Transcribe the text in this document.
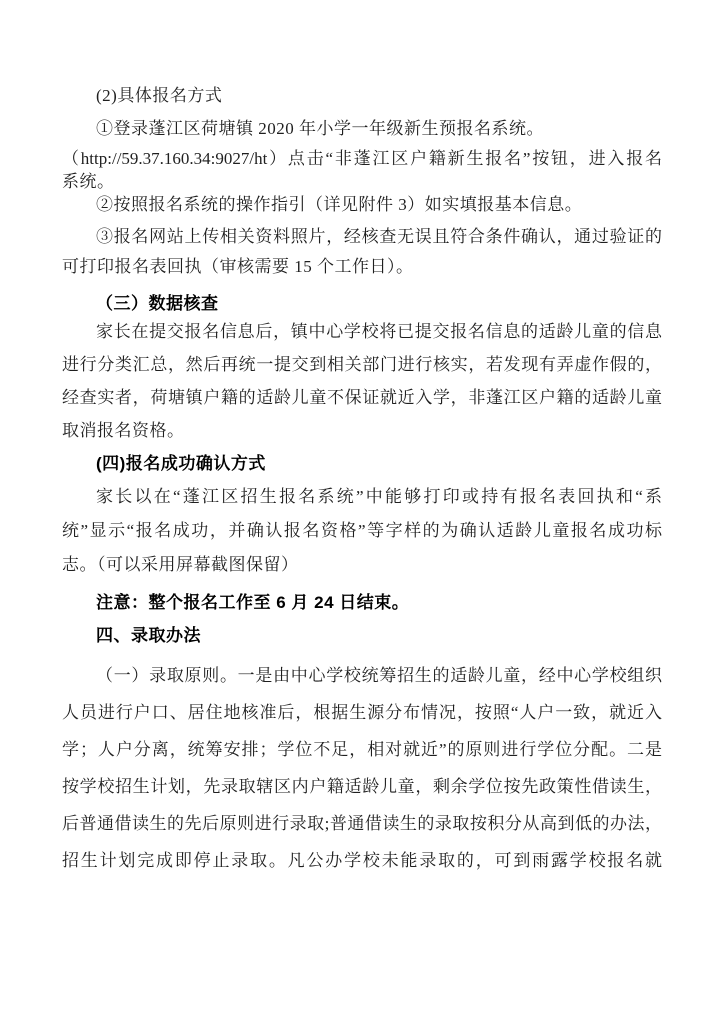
(2)具体报名方式

①登录蓬江区荷塘镇 2020 年小学一年级新生预报名系统。

（http://59.37.160.34:9027/ht）点击“非蓬江区户籍新生报名”按钮，进入报名

系统。

②按照报名系统的操作指引（详见附件 3）如实填报基本信息。

③报名网站上传相关资料照片，经核查无误且符合条件确认，通过验证的

可打印报名表回执（审核需要 15 个工作日）。

（三）数据核查

家长在提交报名信息后，镇中心学校将已提交报名信息的适龄儿童的信息

进行分类汇总，然后再统一提交到相关部门进行核实，若发现有弄虚作假的，

经查实者，荷塘镇户籍的适龄儿童不保证就近入学，非蓬江区户籍的适龄儿童

取消报名资格。

(四)报名成功确认方式

家长以在“蓬江区招生报名系统”中能够打印或持有报名表回执和“系

统”显示“报名成功，并确认报名资格”等字样的为确认适龄儿童报名成功标

志。（可以采用屏幕截图保留）

注意：整个报名工作至 6 月 24 日结束。

四、录取办法

（一）录取原则。一是由中心学校统筹招生的适龄儿童，经中心学校组织

人员进行户口、居住地核准后，根据生源分布情况，按照“人户一致，就近入

学；人户分离，统筹安排；学位不足，相对就近”的原则进行学位分配。二是

按学校招生计划，先录取辖区内户籍适龄儿童，剩余学位按先政策性借读生，

后普通借读生的先后原则进行录取;普通借读生的录取按积分从高到低的办法，

招生计划完成即停止录取。凡公办学校未能录取的，可到雨露学校报名就
